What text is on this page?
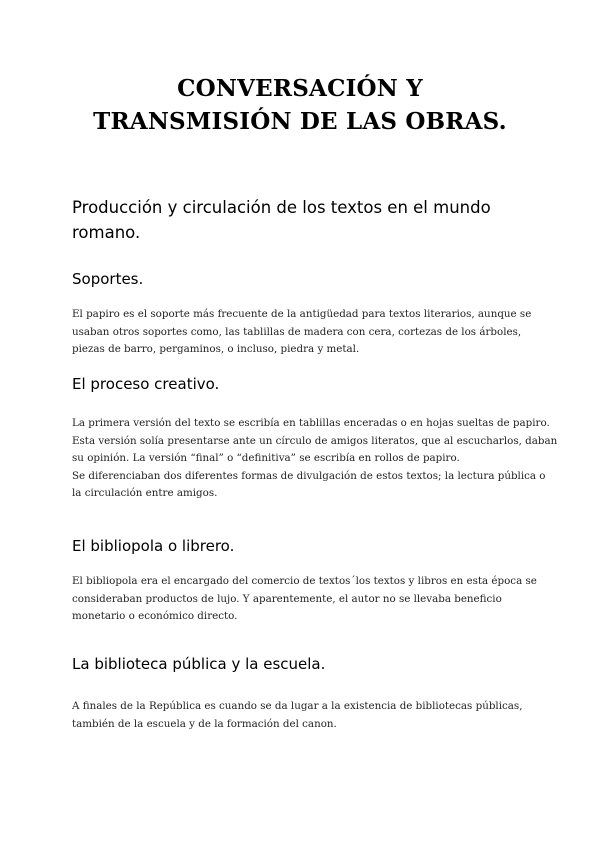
CONVERSACIÓN Y
TRANSMISIÓN DE LAS OBRAS.
Producción y circulación de los textos en el mundo
romano.
Soportes.

El papiro es el soporte más frecuente de la antigüedad para textos literarios, aunque se
usaban otros soportes como, las tablillas de madera con cera, cortezas de los árboles,
piezas de barro, pergaminos, o incluso, piedra y metal.

El proceso creativo.

La primera versión del texto se escribía en tablillas enceradas o en hojas sueltas de papiro.
Esta versión solía presentarse ante un círculo de amigos literatos, que al escucharlos, daban
su opinión. La versión “final” o “definitiva” se escribía en rollos de papiro.
Se diferenciaban dos diferentes formas de divulgación de estos textos; la lectura pública o
la circulación entre amigos.

El bibliopola o librero.

El bibliopola era el encargado del comercio de textos´los textos y libros en esta época se
consideraban productos de lujo. Y aparentemente, el autor no se llevaba beneficio
monetario o económico directo.

La biblioteca pública y la escuela.

A finales de la República es cuando se da lugar a la existencia de bibliotecas públicas,
también de la escuela y de la formación del canon.
